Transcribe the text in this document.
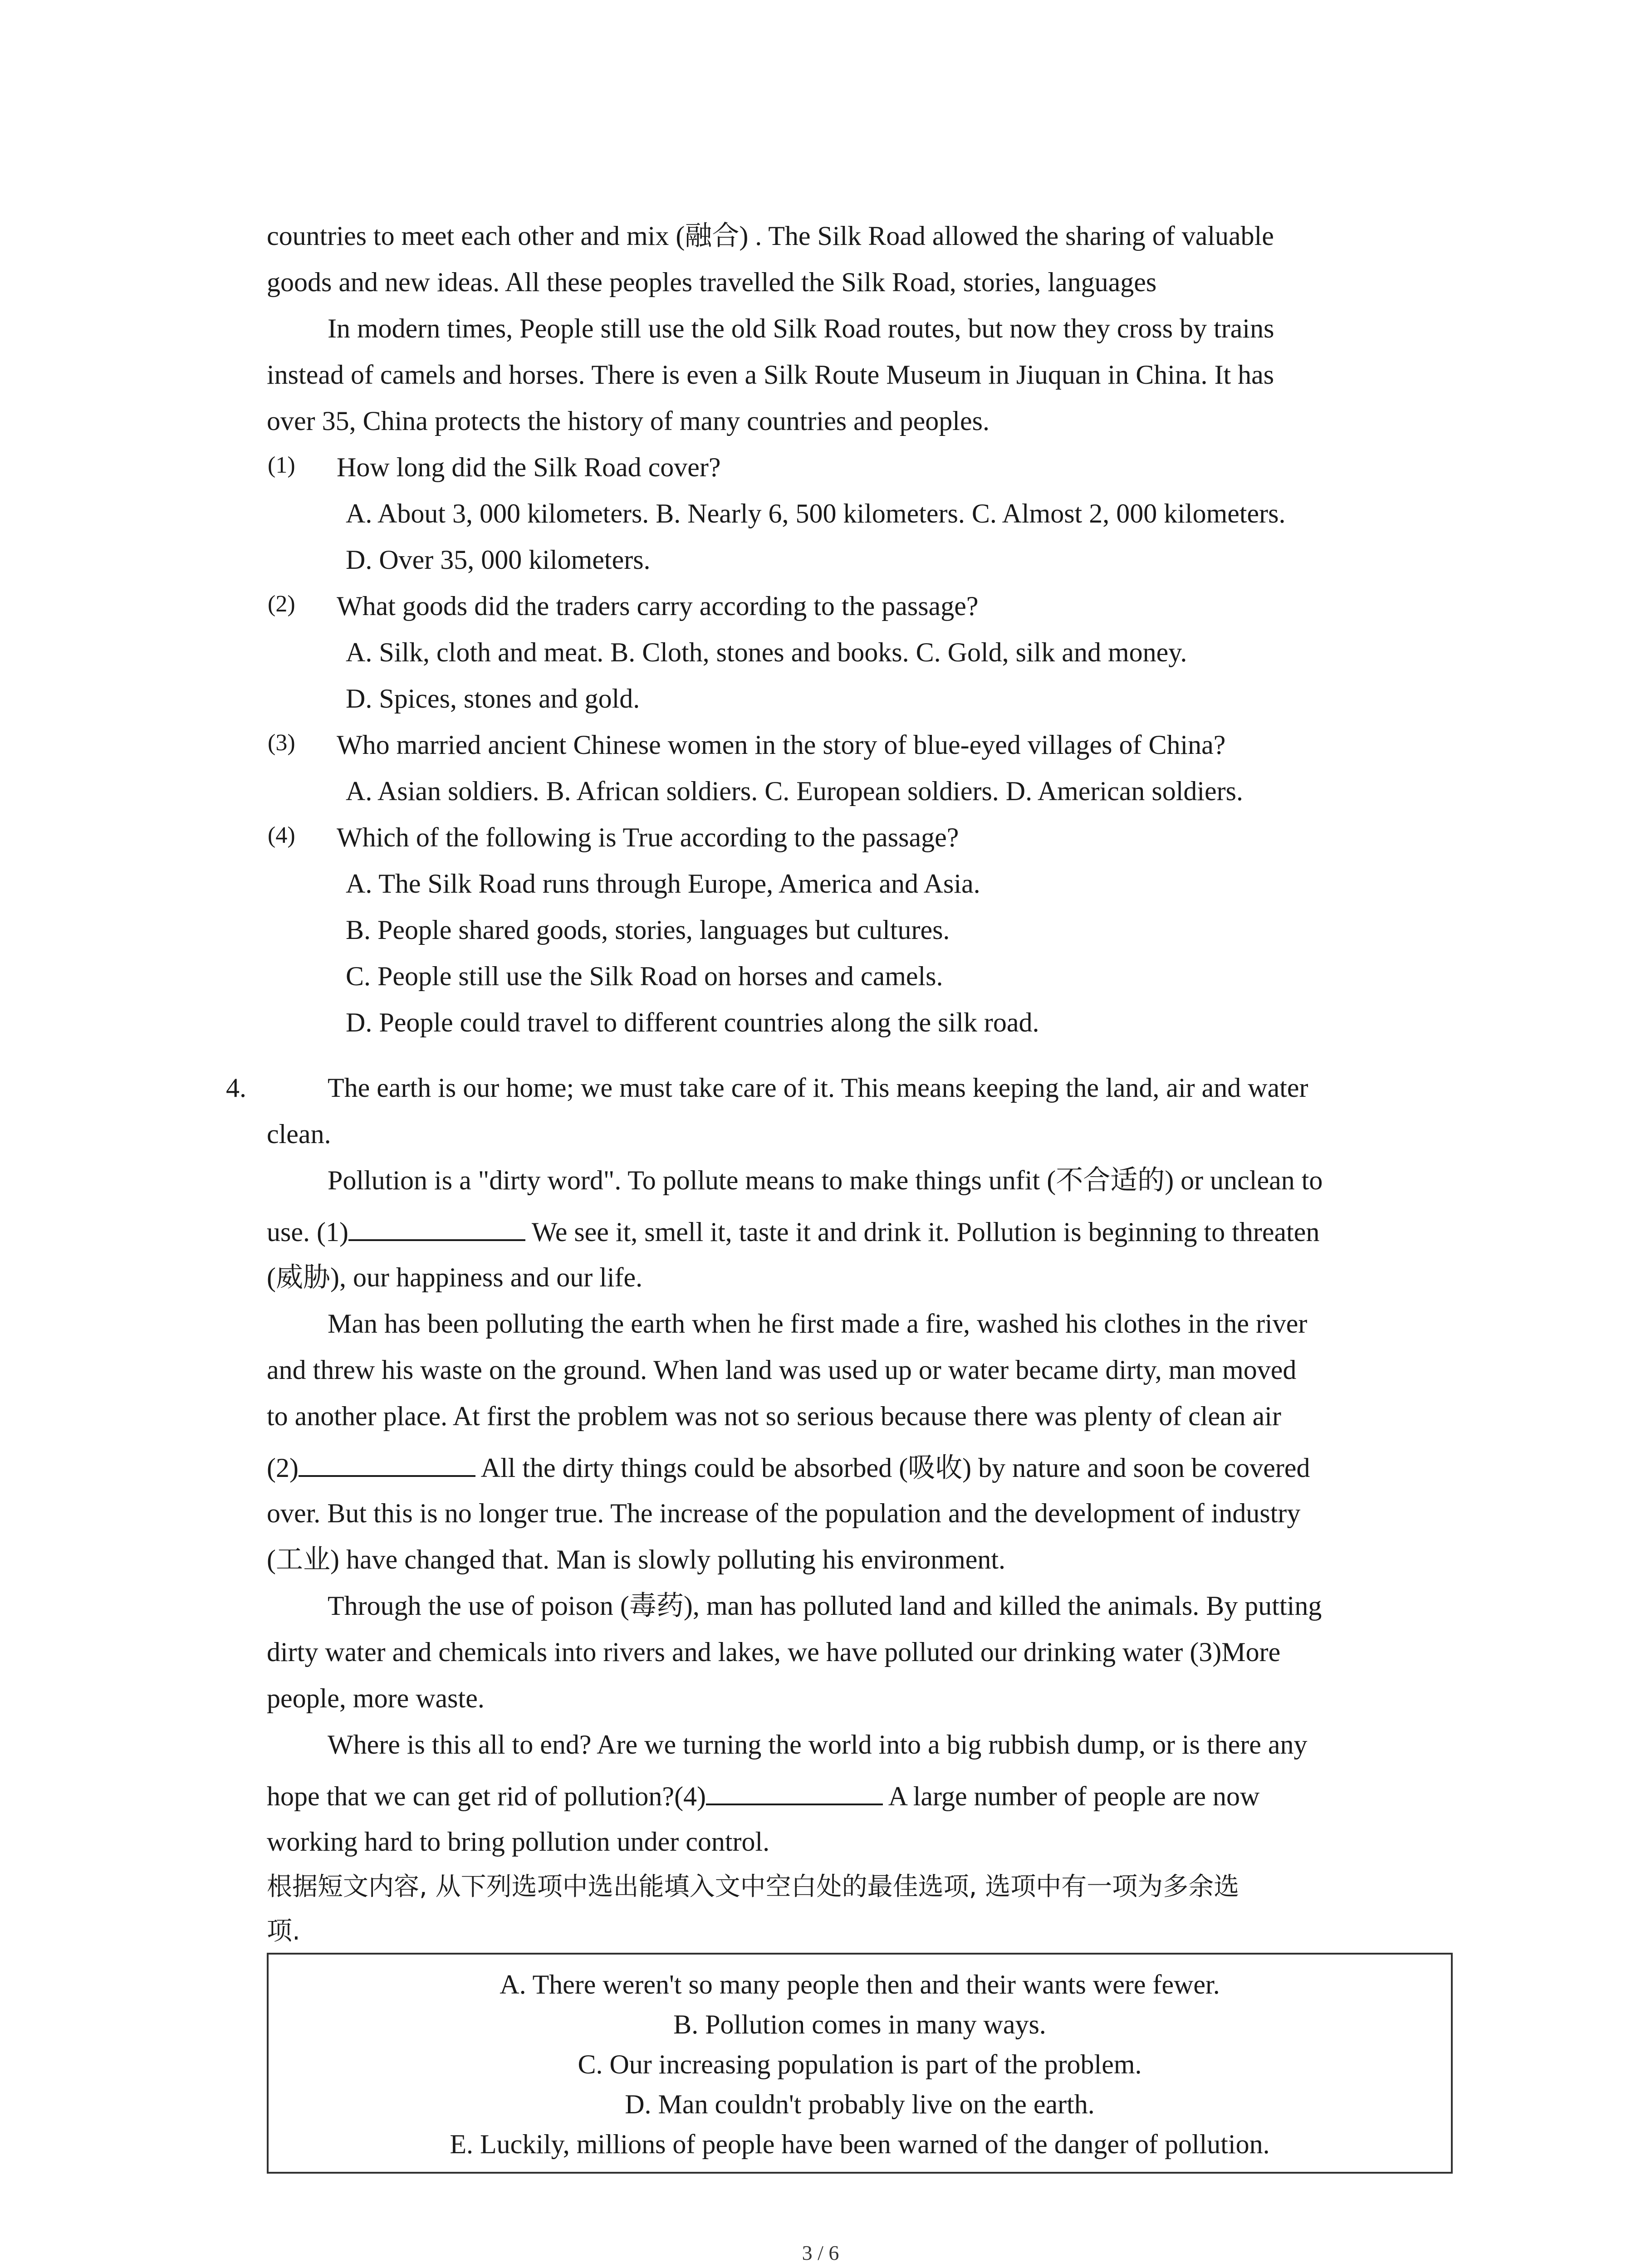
countries to meet each other and mix (融合) . The Silk Road allowed the sharing of valuable

goods and new ideas. All these peoples travelled the Silk Road, stories, languages

In modern times, People still use the old Silk Road routes, but now they cross by trains

instead of camels and horses. There is even a Silk Route Museum in Jiuquan in China. It has

over 35, China protects the history of many countries and peoples.

(1) How long did the Silk Road cover?

A. About 3, 000 kilometers. B. Nearly 6, 500 kilometers. C. Almost 2, 000 kilometers.

D. Over 35, 000 kilometers.

(2) What goods did the traders carry according to the passage?

A. Silk, cloth and meat. B. Cloth, stones and books. C. Gold, silk and money.

D. Spices, stones and gold.

(3) Who married ancient Chinese women in the story of blue-eyed villages of China?

A. Asian soldiers. B. African soldiers. C. European soldiers. D. American soldiers.

(4) Which of the following is True according to the passage?

A. The Silk Road runs through Europe, America and Asia.

B. People shared goods, stories, languages but cultures.

C. People still use the Silk Road on horses and camels.

D. People could travel to different countries along the silk road.

4.	The earth is our home; we must take care of it. This means keeping the land, air and water

clean.

Pollution is a "dirty word". To pollute means to make things unfit (不合适的) or unclean to

use. (1)	We see it, smell it, taste it and drink it. Pollution is beginning to threaten

(威胁), our happiness and our life.

Man has been polluting the earth when he first made a fire, washed his clothes in the river

and threw his waste on the ground. When land was used up or water became dirty, man moved

to another place. At first the problem was not so serious because there was plenty of clean air

(2)	All the dirty things could be absorbed (吸收) by nature and soon be covered

over. But this is no longer true. The increase of the population and the development of industry

(工业) have changed that. Man is slowly polluting his environment.

Through the use of poison (毒药), man has polluted land and killed the animals. By putting

dirty water and chemicals into rivers and lakes, we have polluted our drinking water (3)More

people, more waste.

Where is this all to end? Are we turning the world into a big rubbish dump, or is there any

hope that we can get rid of pollution?(4)	A large number of people are now

working hard to bring pollution under control.

根据短文内容, 从下列选项中选出能填入文中空白处的最佳选项, 选项中有一项为多余选

项.

A. There weren't so many people then and their wants were fewer.
B. Pollution comes in many ways.
C. Our increasing population is part of the problem.
D. Man couldn't probably live on the earth.
E. Luckily, millions of people have been warned of the danger of pollution.
3 / 6
